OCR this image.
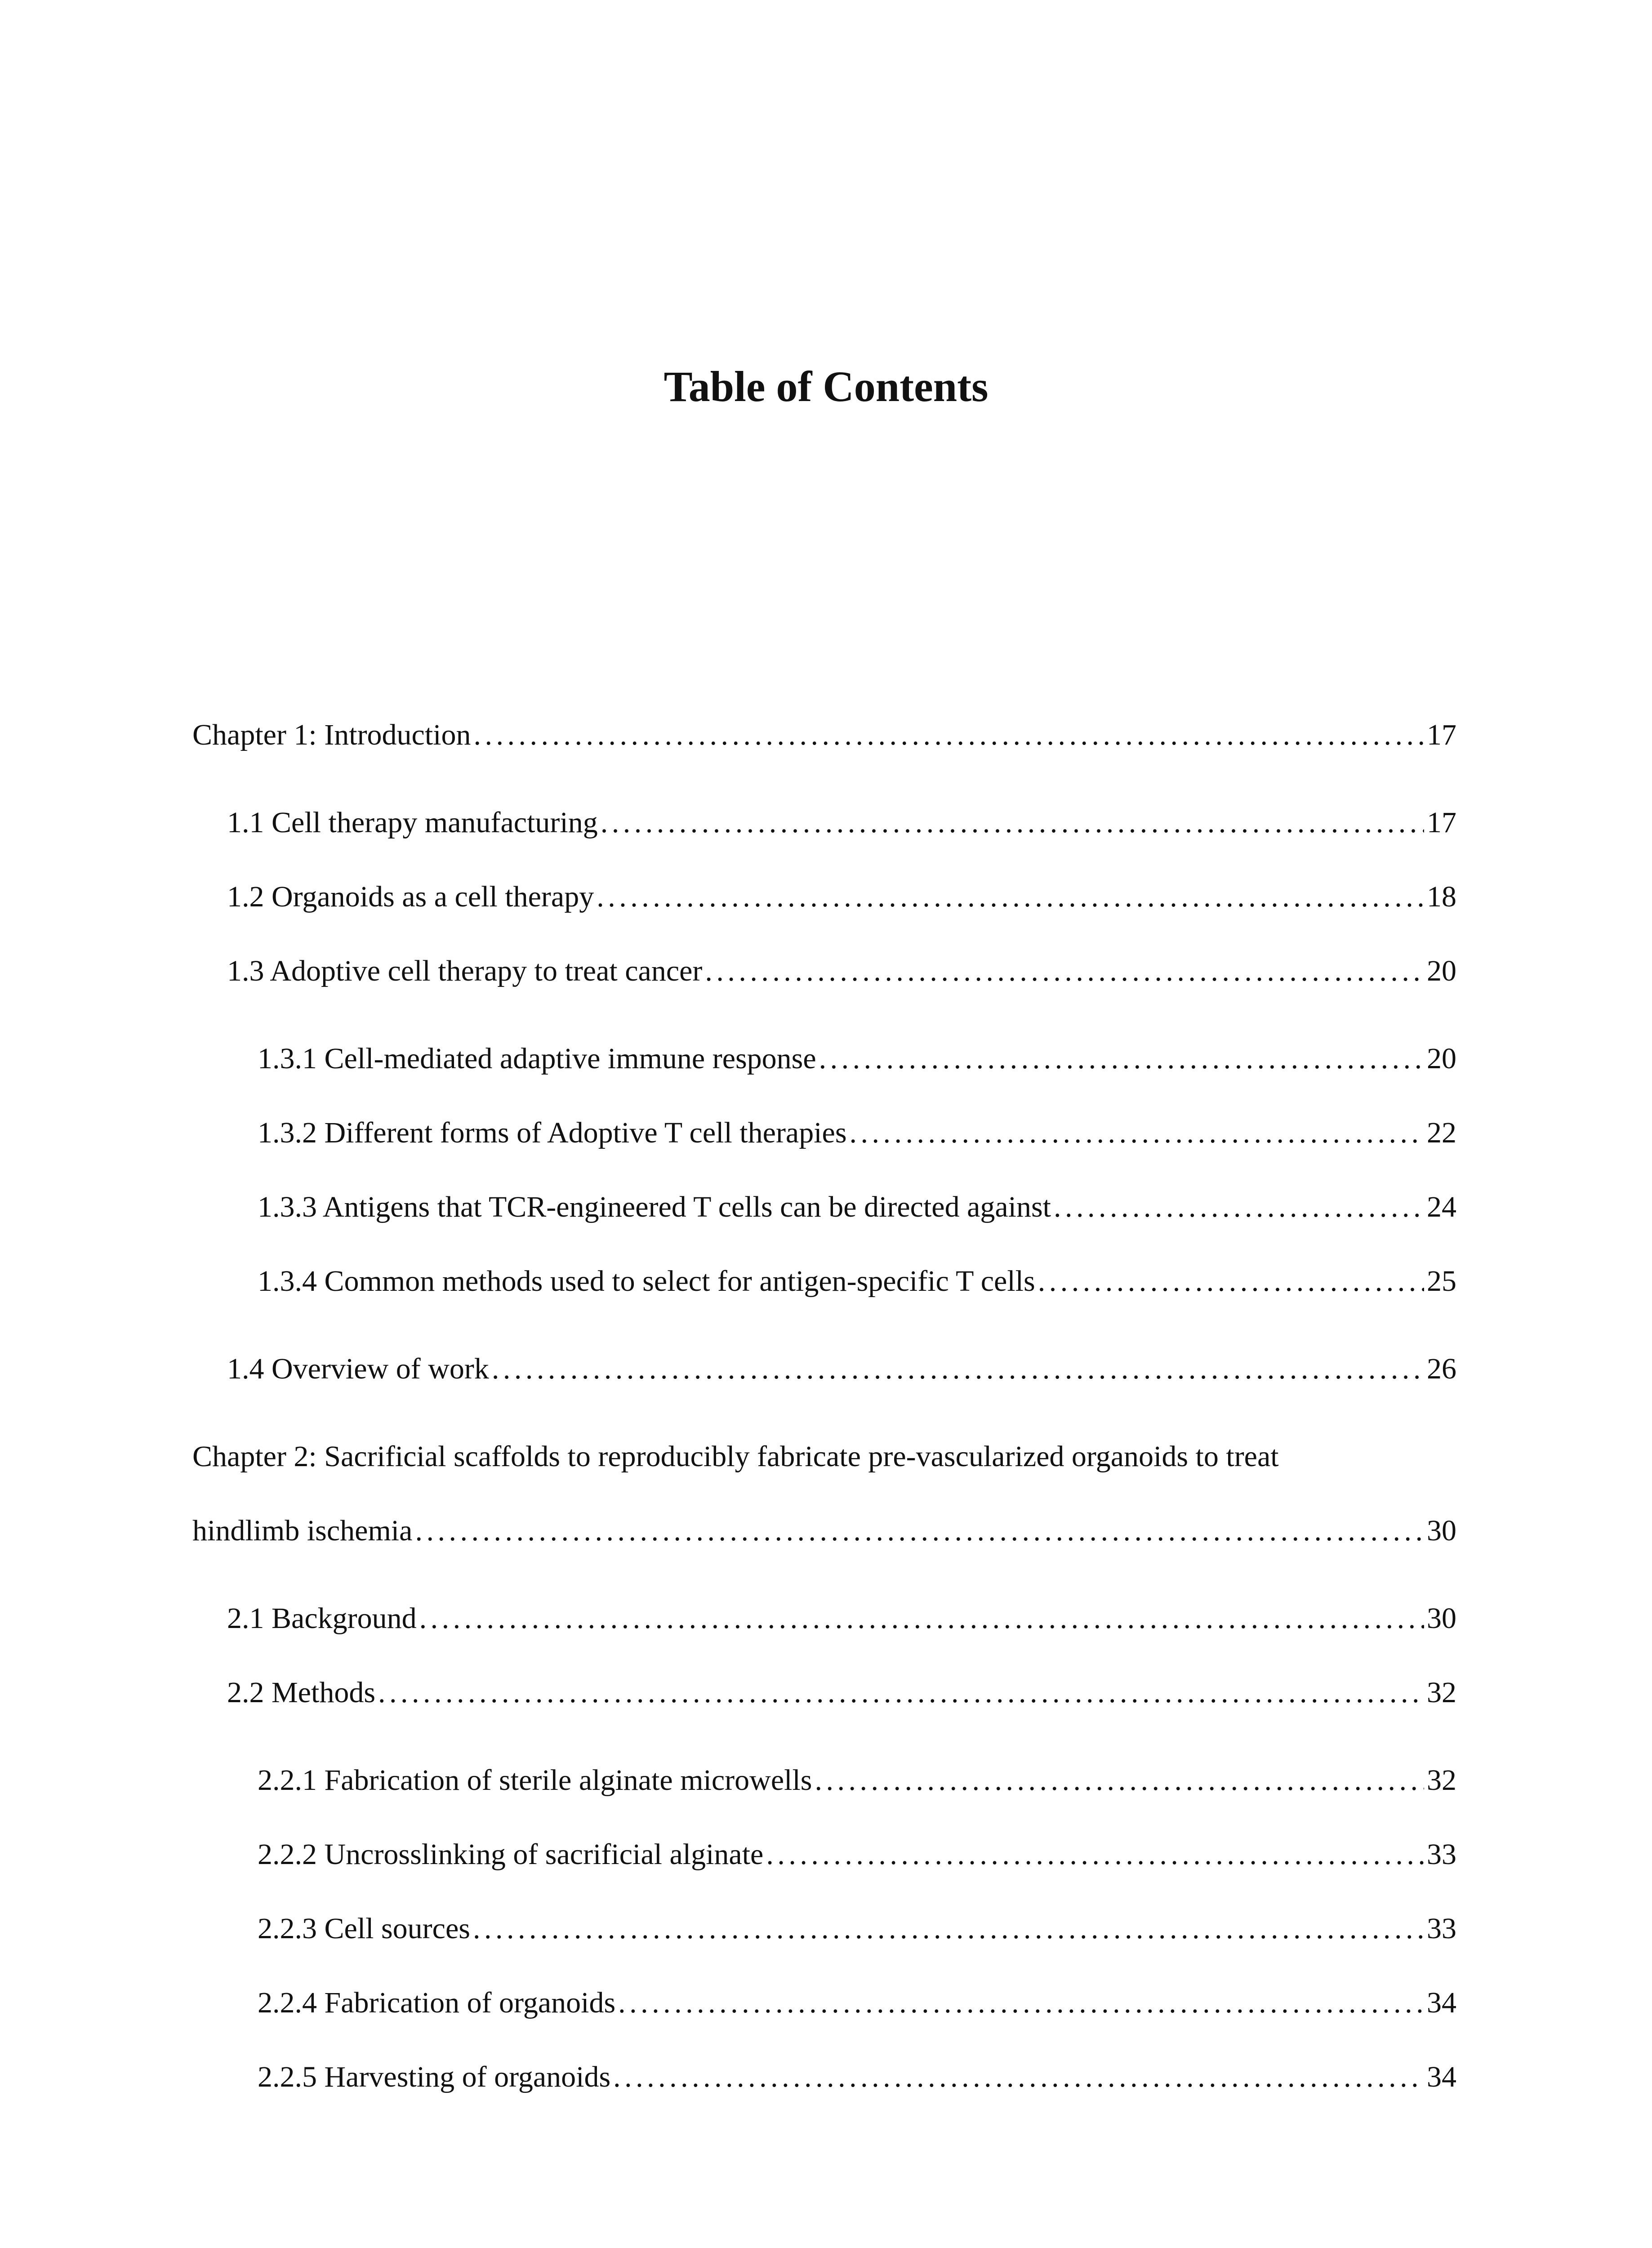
Table of Contents
Chapter 1: Introduction . . .	17
1.1 Cell therapy manufacturing . . .	17
1.2 Organoids as a cell therapy . . .	18
1.3 Adoptive cell therapy to treat cancer . . .	20
1.3.1 Cell-mediated adaptive immune response . . .	20
1.3.2 Different forms of Adoptive T cell therapies . . .	22
1.3.3 Antigens that TCR-engineered T cells can be directed against . . .	24
1.3.4 Common methods used to select for antigen-specific T cells . . .	25
1.4 Overview of work . . .	26
Chapter 2: Sacrificial scaffolds to reproducibly fabricate pre-vascularized organoids to treat
hindlimb ischemia . . .	30
2.1 Background . . .	30
2.2 Methods . . .	32
2.2.1 Fabrication of sterile alginate microwells . . .	32
2.2.2 Uncrosslinking of sacrificial alginate . . .	33
2.2.3 Cell sources . . .	33
2.2.4 Fabrication of organoids . . .	34
2.2.5 Harvesting of organoids . . .	34
